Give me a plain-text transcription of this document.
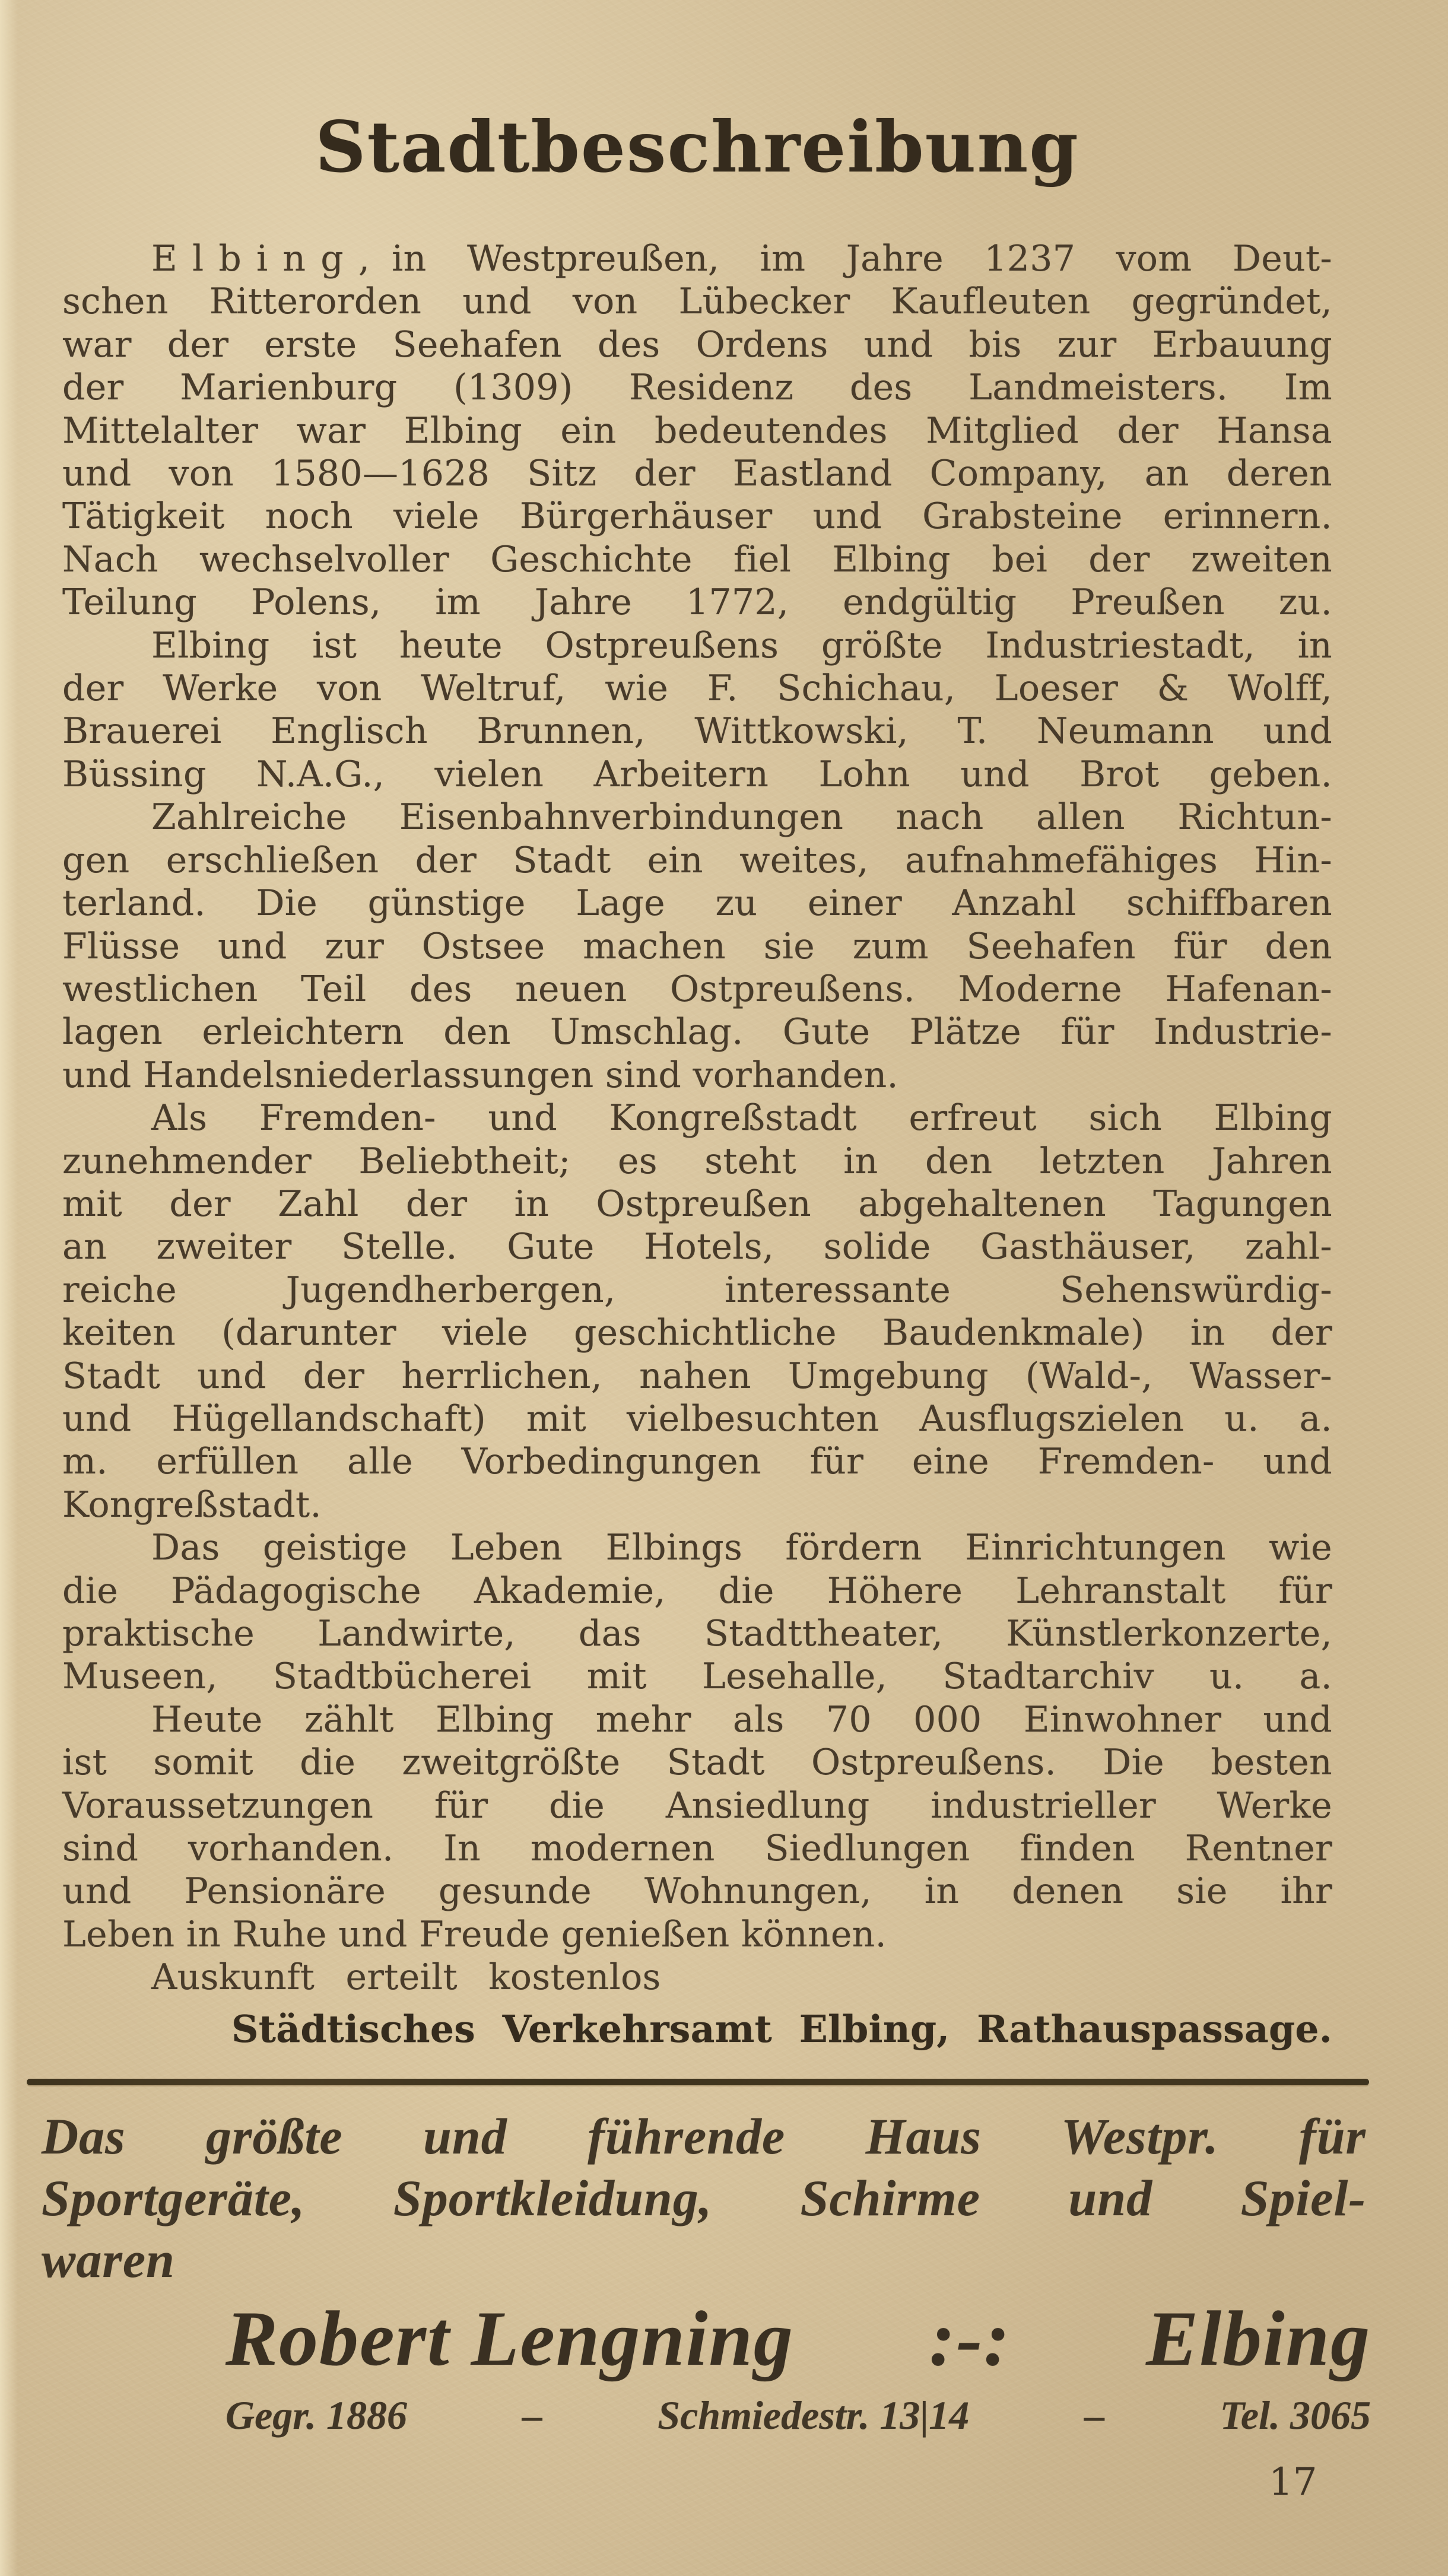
Stadtbeschreibung
Elbing, in Westpreußen, im Jahre 1237 vom Deut-
schen Ritterorden und von Lübecker Kaufleuten gegründet,
war der erste Seehafen des Ordens und bis zur Erbauung
der Marienburg (1309) Residenz des Landmeisters. Im
Mittelalter war Elbing ein bedeutendes Mitglied der Hansa
und von 1580—1628 Sitz der Eastland Company, an deren
Tätigkeit noch viele Bürgerhäuser und Grabsteine erinnern.
Nach wechselvoller Geschichte fiel Elbing bei der zweiten
Teilung Polens, im Jahre 1772, endgültig Preußen zu.
Elbing ist heute Ostpreußens größte Industriestadt, in
der Werke von Weltruf, wie F. Schichau, Loeser & Wolff,
Brauerei Englisch Brunnen, Wittkowski, T. Neumann und
Büssing N.A.G., vielen Arbeitern Lohn und Brot geben.
Zahlreiche Eisenbahnverbindungen nach allen Richtun-
gen erschließen der Stadt ein weites, aufnahmefähiges Hin-
terland. Die günstige Lage zu einer Anzahl schiffbaren
Flüsse und zur Ostsee machen sie zum Seehafen für den
westlichen Teil des neuen Ostpreußens. Moderne Hafenan-
lagen erleichtern den Umschlag. Gute Plätze für Industrie-
und Handelsniederlassungen sind vorhanden.
Als Fremden- und Kongreßstadt erfreut sich Elbing
zunehmender Beliebtheit; es steht in den letzten Jahren
mit der Zahl der in Ostpreußen abgehaltenen Tagungen
an zweiter Stelle. Gute Hotels, solide Gasthäuser, zahl-
reiche Jugendherbergen, interessante Sehenswürdig-
keiten (darunter viele geschichtliche Baudenkmale) in der
Stadt und der herrlichen, nahen Umgebung (Wald-, Wasser-
und Hügellandschaft) mit vielbesuchten Ausflugszielen u. a.
m. erfüllen alle Vorbedingungen für eine Fremden- und
Kongreßstadt.
Das geistige Leben Elbings fördern Einrichtungen wie
die Pädagogische Akademie, die Höhere Lehranstalt für
praktische Landwirte, das Stadttheater, Künstlerkonzerte,
Museen, Stadtbücherei mit Lesehalle, Stadtarchiv u. a.
Heute zählt Elbing mehr als 70 000 Einwohner und
ist somit die zweitgrößte Stadt Ostpreußens. Die besten
Voraussetzungen für die Ansiedlung industrieller Werke
sind vorhanden. In modernen Siedlungen finden Rentner
und Pensionäre gesunde Wohnungen, in denen sie ihr
Leben in Ruhe und Freude genießen können.
Auskunft erteilt kostenlos
Städtisches Verkehrsamt Elbing, Rathauspassage.
Das größte und führende Haus Westpr. für
Sportgeräte, Sportkleidung, Schirme und Spiel-
waren
Robert Lengning :-: Elbing
Gegr. 1886	–	Schmiedestr. 13|14	–	Tel. 3065
17
